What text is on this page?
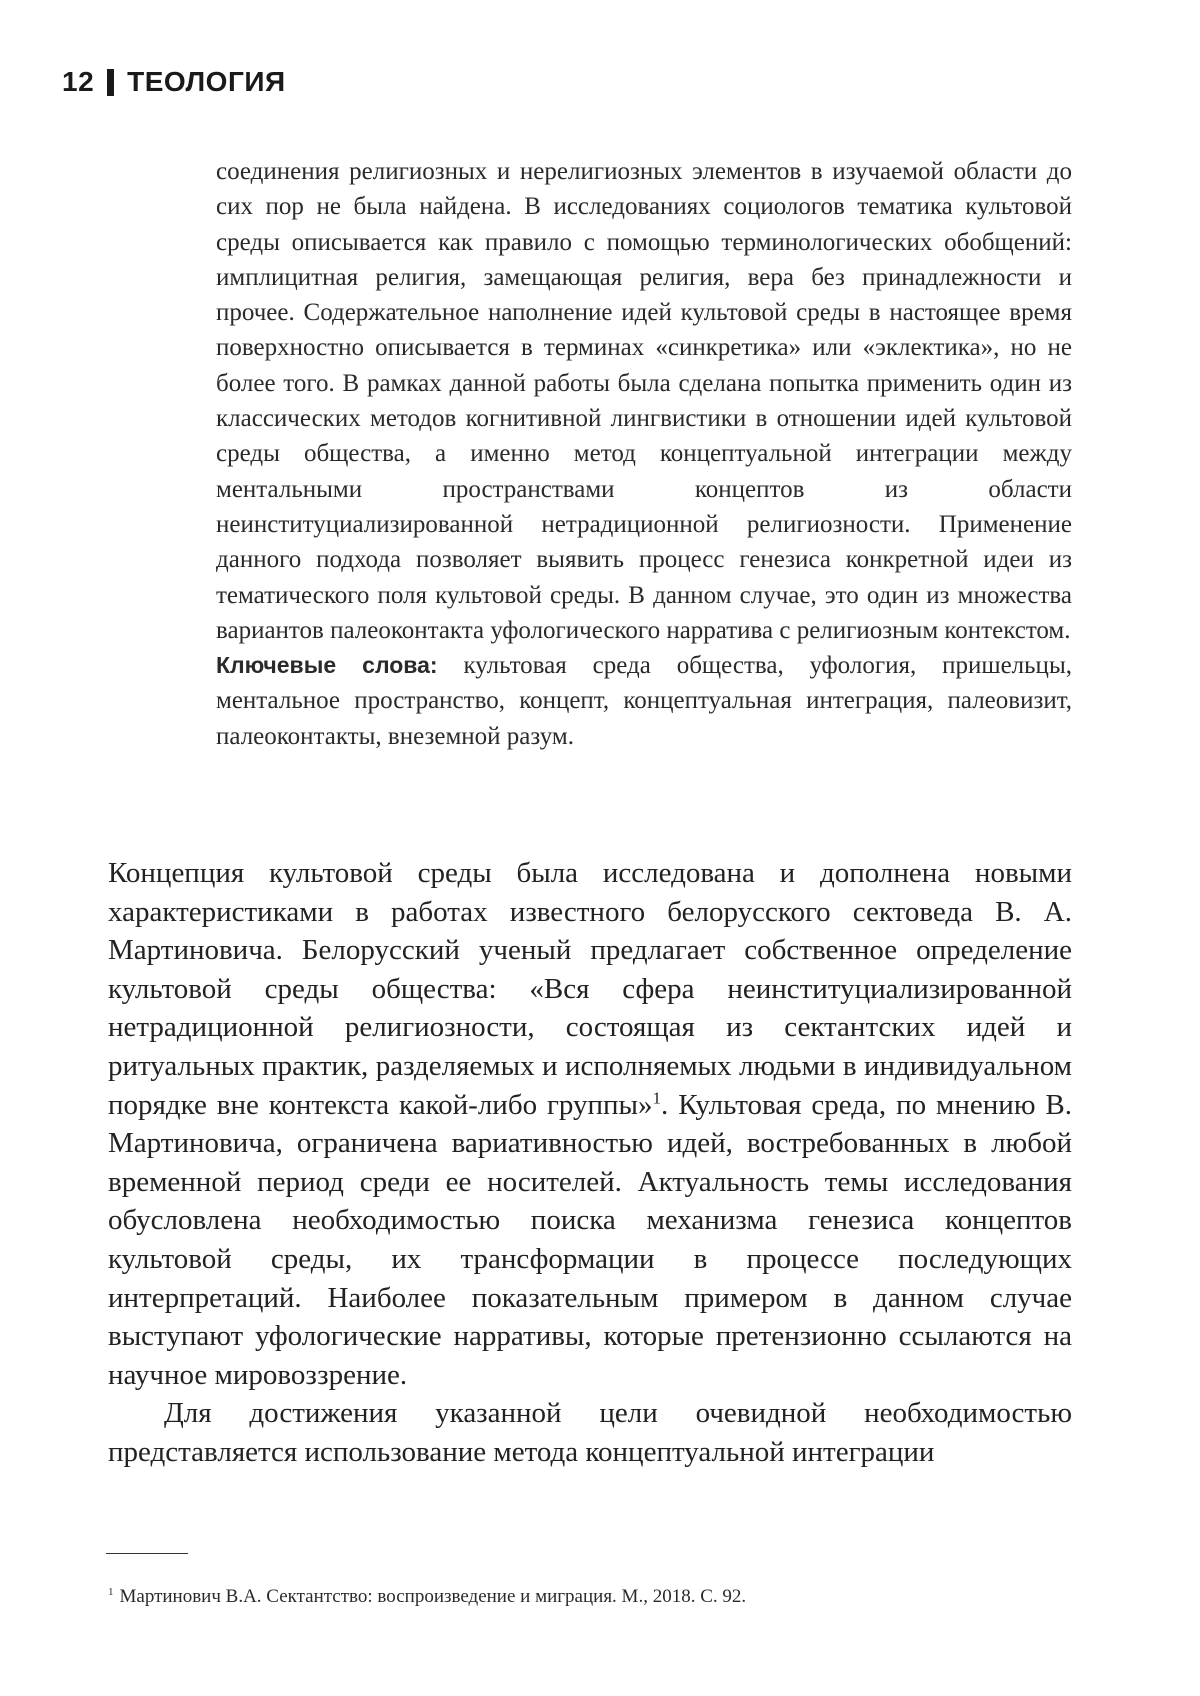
12 ТЕОЛОГИЯ

соединения религиозных и нерелигиозных элементов в изучаемой области до сих пор не была найдена. В исследованиях социологов тематика культовой среды описывается как правило с помощью терминологических обобщений: имплицитная религия, замещающая религия, вера без принадлежности и прочее. Содержательное наполнение идей культовой среды в настоящее время поверхностно описывается в терминах «синкретика» или «эклектика», но не более того. В рамках данной работы была сделана попытка применить один из классических методов когнитивной лингвистики в отношении идей культовой среды общества, а именно метод концептуальной интеграции между ментальными пространствами концептов из области неинституциализированной нетрадиционной религиозности. Применение данного подхода позволяет выявить процесс генезиса конкретной идеи из тематического поля культовой среды. В данном случае, это один из множества вариантов палеоконтакта уфологического нарратива с религиозным контекстом.

Ключевые слова: культовая среда общества, уфология, пришельцы, ментальное пространство, концепт, концептуальная интеграция, палеовизит, палеоконтакты, внеземной разум.

Концепция культовой среды была исследована и дополнена новыми характеристиками в работах известного белорусского сектоведа В. А. Мартиновича. Белорусский ученый предлагает собственное определение культовой среды общества: «Вся сфера неинституциализированной нетрадиционной религиозности, состоящая из сектантских идей и ритуальных практик, разделяемых и исполняемых людьми в индивидуальном порядке вне контекста какой-либо группы»$^1$. Культовая среда, по мнению В. Мартиновича, ограничена вариативностью идей, востребованных в любой временной период среди ее носителей. Актуальность темы исследования обусловлена необходимостью поиска механизма генезиса концептов культовой среды, их трансформации в процессе последующих интерпретаций. Наиболее показательным примером в данном случае выступают уфологические нарративы, которые претензионно ссылаются на научное мировоззрение.

Для достижения указанной цели очевидной необходимостью представляется использование метода концептуальной интеграции

$^1$ Мартинович В.А. Сектантство: воспроизведение и миграция. М., 2018. С. 92.
